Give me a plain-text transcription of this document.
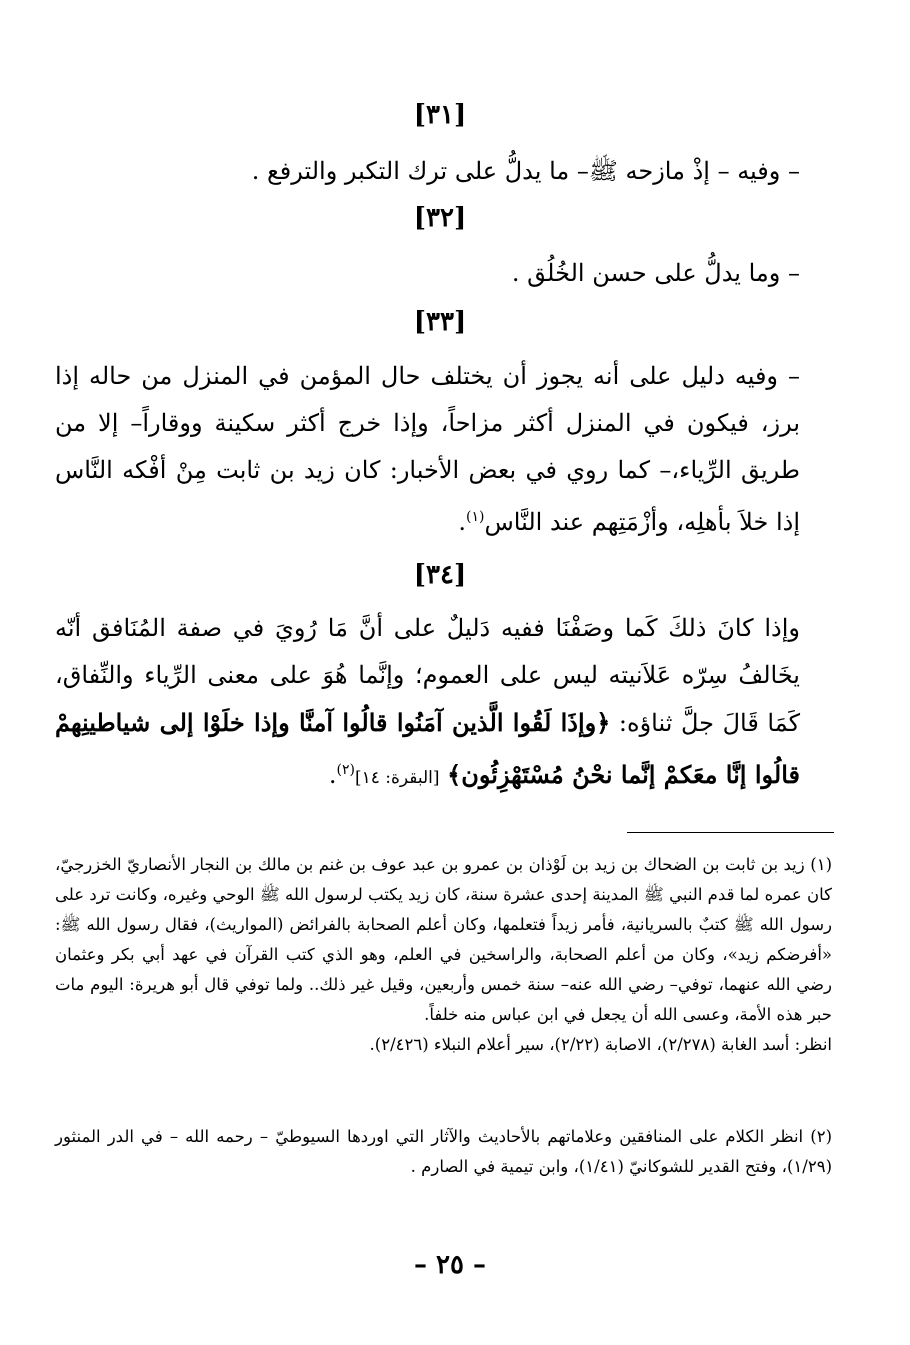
[٣١]
– وفيه – إذْ مازحه ﷺ– ما يدلُّ على ترك التكبر والترفع .
[٣٢]
– وما يدلُّ على حسن الخُلُق .
[٣٣]
– وفيه دليل على أنه يجوز أن يختلف حال المؤمن في المنزل من حاله إذا برز، فيكون في المنزل أكثر مزاحاً، وإذا خرج أكثر سكينة ووقاراً– إلا من طريق الرِّياء،– كما روي في بعض الأخبار: كان زيد بن ثابت مِنْ أفْكه النَّاس إذا خلاَ بأهلِه، وأزْمَتِهم عند النَّاس$^{(١)}$.
[٣٤]
وإذا كانَ ذلكَ كَما وصَفْنَا ففيه دَليلٌ على أنَّ مَا رُويَ في صفة المُنَافق أنّه يخَالفُ سِرّه عَلاَنيته ليس على العموم؛ وإنَّما هُوَ على معنى الرِّياء والنِّفاق، كَمَا قَالَ جلَّ ثناؤه: ﴿وإذَا لَقُوا الَّذين آمَنُوا قالُوا آمنَّا وإذا خلَوْا إلى شياطينِهمْ قالُوا إنَّا معَكمْ إنَّما نحْنُ مُسْتَهْزِئُون﴾ [البقرة: ١٤]$^{(٢)}$.
(١) زيد بن ثابت بن الضحاك بن زيد بن لَوْذان بن عمرو بن عبد عوف بن غنم بن مالك بن النجار الأنصاريّ الخزرجيّ، كان عمره لما قدم النبي ﷺ المدينة إحدى عشرة سنة، كان زيد يكتب لرسول الله ﷺ الوحي وغيره، وكانت ترد على رسول الله ﷺ كتبٌ بالسريانية، فأمر زيداً فتعلمها، وكان أعلم الصحابة بالفرائض (المواريث)، فقال رسول الله ﷺ: «أفرضكم زيد»، وكان من أعلم الصحابة، والراسخين في العلم، وهو الذي كتب القرآن في عهد أبي بكر وعثمان رضي الله عنهما، توفي– رضي الله عنه– سنة خمس وأربعين، وقيل غير ذلك.. ولما توفي قال أبو هريرة: اليوم مات حبر هذه الأمة، وعسى الله أن يجعل في ابن عباس منه خلفاً.
انظر: أسد الغابة (٢/٢٧٨)، الاصابة (٢/٢٢)، سير أعلام النبلاء (٢/٤٢٦).
(٢) انظر الكلام على المنافقين وعلاماتهم بالأحاديث والآثار التي اوردها السيوطيّ – رحمه الله – في الدر المنثور (١/٢٩)، وفتح القدير للشوكانيّ (١/٤١)، وابن تيمية في الصارم .
– ٢٥ –
